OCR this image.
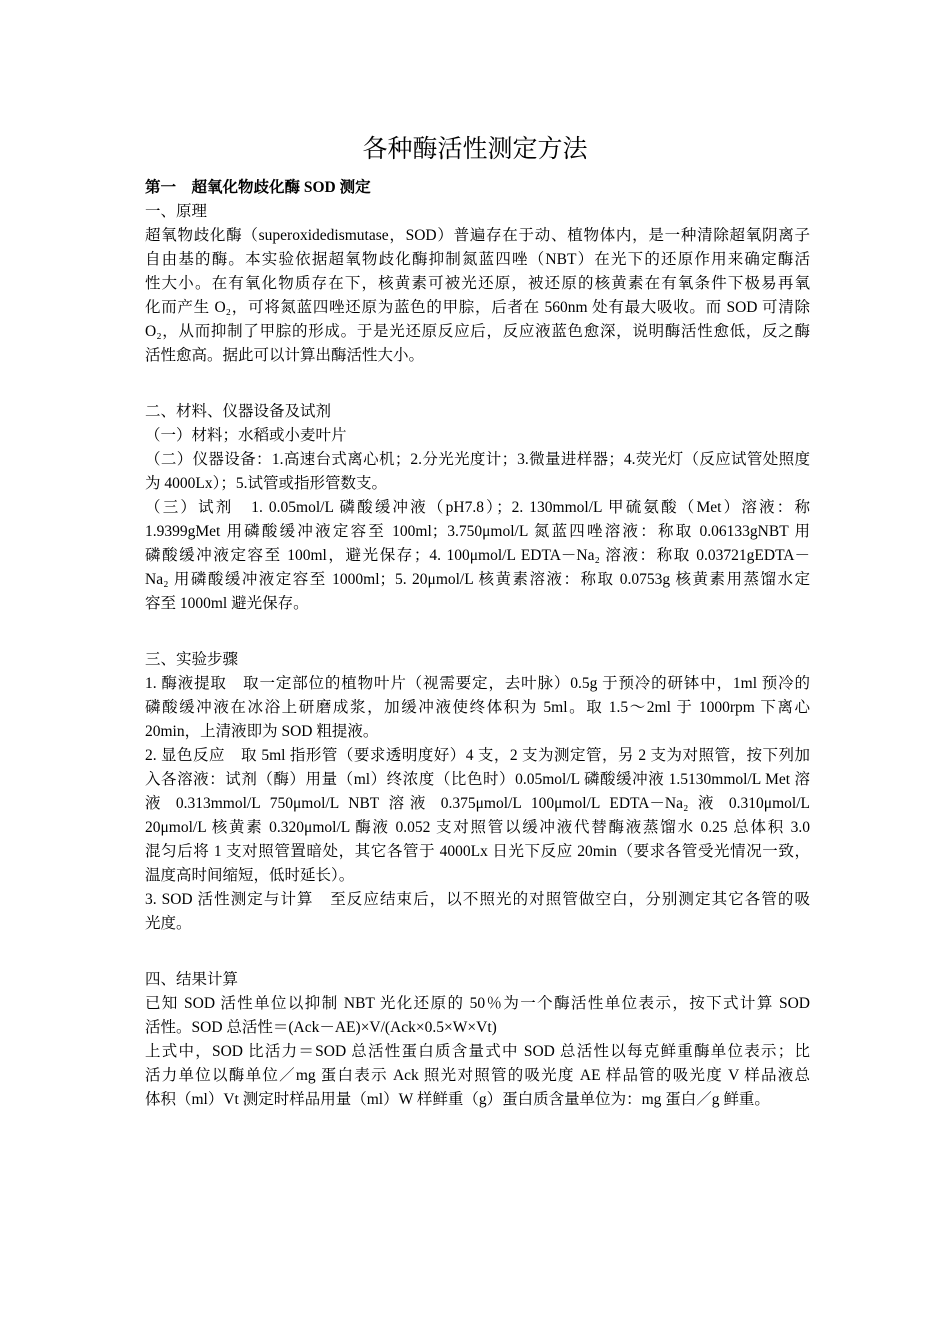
各种酶活性测定方法
第一　超氧化物歧化酶 SOD 测定
一、原理
超氧物歧化酶（superoxidedismutase，SOD）普遍存在于动、植物体内，是一种清除超氧阴离子
自由基的酶。本实验依据超氧物歧化酶抑制氮蓝四唑（NBT）在光下的还原作用来确定酶活
性大小。在有氧化物质存在下，核黄素可被光还原，被还原的核黄素在有氧条件下极易再氧
化而产生 O₂，可将氮蓝四唑还原为蓝色的甲腙，后者在 560nm 处有最大吸收。而 SOD 可清除
O₂，从而抑制了甲腙的形成。于是光还原反应后，反应液蓝色愈深，说明酶活性愈低，反之酶
活性愈高。据此可以计算出酶活性大小。
二、材料、仪器设备及试剂
（一）材料；水稻或小麦叶片
（二）仪器设备：1.高速台式离心机；2.分光光度计；3.微量进样器；4.荧光灯（反应试管处照度
为 4000Lx）；5.试管或指形管数支。
（三）试剂　1. 0.05mol/L 磷酸缓冲液（pH7.8）；2. 130mmol/L 甲硫氨酸（Met）溶液：称
1.9399gMet 用磷酸缓冲液定容至 100ml；3.750μmol/L 氮蓝四唑溶液：称取 0.06133gNBT 用
磷酸缓冲液定容至 100ml，避光保存；4. 100μmol/L EDTA－Na₂ 溶液：称取 0.03721gEDTA－
Na₂ 用磷酸缓冲液定容至 1000ml；5. 20μmol/L 核黄素溶液：称取 0.0753g 核黄素用蒸馏水定
容至 1000ml 避光保存。
三、实验步骤
1. 酶液提取　取一定部位的植物叶片（视需要定，去叶脉）0.5g 于预冷的研钵中，1ml 预冷的
磷酸缓冲液在冰浴上研磨成浆，加缓冲液使终体积为 5ml。取 1.5～2ml 于 1000rpm 下离心
20min，上清液即为 SOD 粗提液。
2. 显色反应　取 5ml 指形管（要求透明度好）4 支，2 支为测定管，另 2 支为对照管，按下列加
入各溶液：试剂（酶）用量（ml）终浓度（比色时）0.05mol/L 磷酸缓冲液 1.5130mmol/L Met 溶
液 0.313mmol/L 750μmol/L NBT 溶液 0.375μmol/L 100μmol/L EDTA－Na₂ 液 0.310μmol/L
20μmol/L 核黄素 0.320μmol/L 酶液 0.052 支对照管以缓冲液代替酶液蒸馏水 0.25 总体积 3.0
混匀后将 1 支对照管置暗处，其它各管于 4000Lx 日光下反应 20min（要求各管受光情况一致，
温度高时间缩短，低时延长）。
3. SOD 活性测定与计算　至反应结束后，以不照光的对照管做空白，分别测定其它各管的吸
光度。
四、结果计算
已知 SOD 活性单位以抑制 NBT 光化还原的 50％为一个酶活性单位表示，按下式计算 SOD
活性。SOD 总活性＝(Ack－AE)×V/(Ack×0.5×W×Vt)
上式中，SOD 比活力＝SOD 总活性蛋白质含量式中 SOD 总活性以每克鲜重酶单位表示；比
活力单位以酶单位／mg 蛋白表示 Ack 照光对照管的吸光度 AE 样品管的吸光度 V 样品液总
体积（ml）Vt 测定时样品用量（ml）W 样鲜重（g）蛋白质含量单位为：mg 蛋白／g 鲜重。
